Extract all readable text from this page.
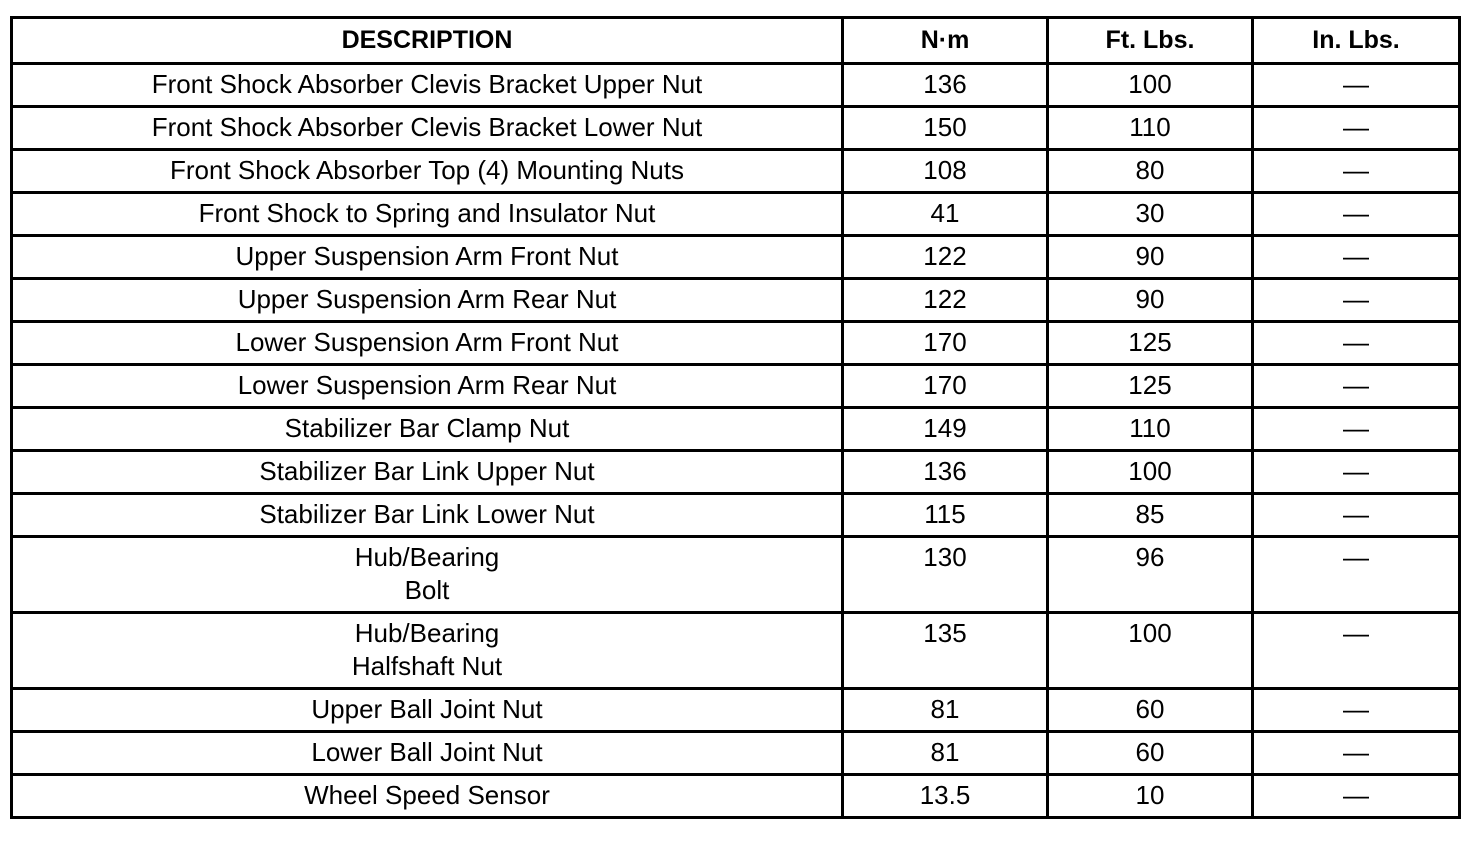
DESCRIPTION	N·m	Ft. Lbs.	In. Lbs.

Front Shock Absorber Clevis Bracket Upper Nut	136	100	—

Front Shock Absorber Clevis Bracket Lower Nut	150	110	—

Front Shock Absorber Top (4) Mounting Nuts	108	80	—

Front Shock to Spring and Insulator Nut	41	30	—

Upper Suspension Arm Front Nut	122	90	—

Upper Suspension Arm Rear Nut	122	90	—

Lower Suspension Arm Front Nut	170	125	—

Lower Suspension Arm Rear Nut	170	125	—

Stabilizer Bar Clamp Nut	149	110	—

Stabilizer Bar Link Upper Nut	136	100	—

Stabilizer Bar Link Lower Nut	115	85	—

Hub/Bearing
Bolt	130	96	—

Hub/Bearing
Halfshaft Nut	135	100	—

Upper Ball Joint Nut	81	60	—

Lower Ball Joint Nut	81	60	—

Wheel Speed Sensor	13.5	10	—
